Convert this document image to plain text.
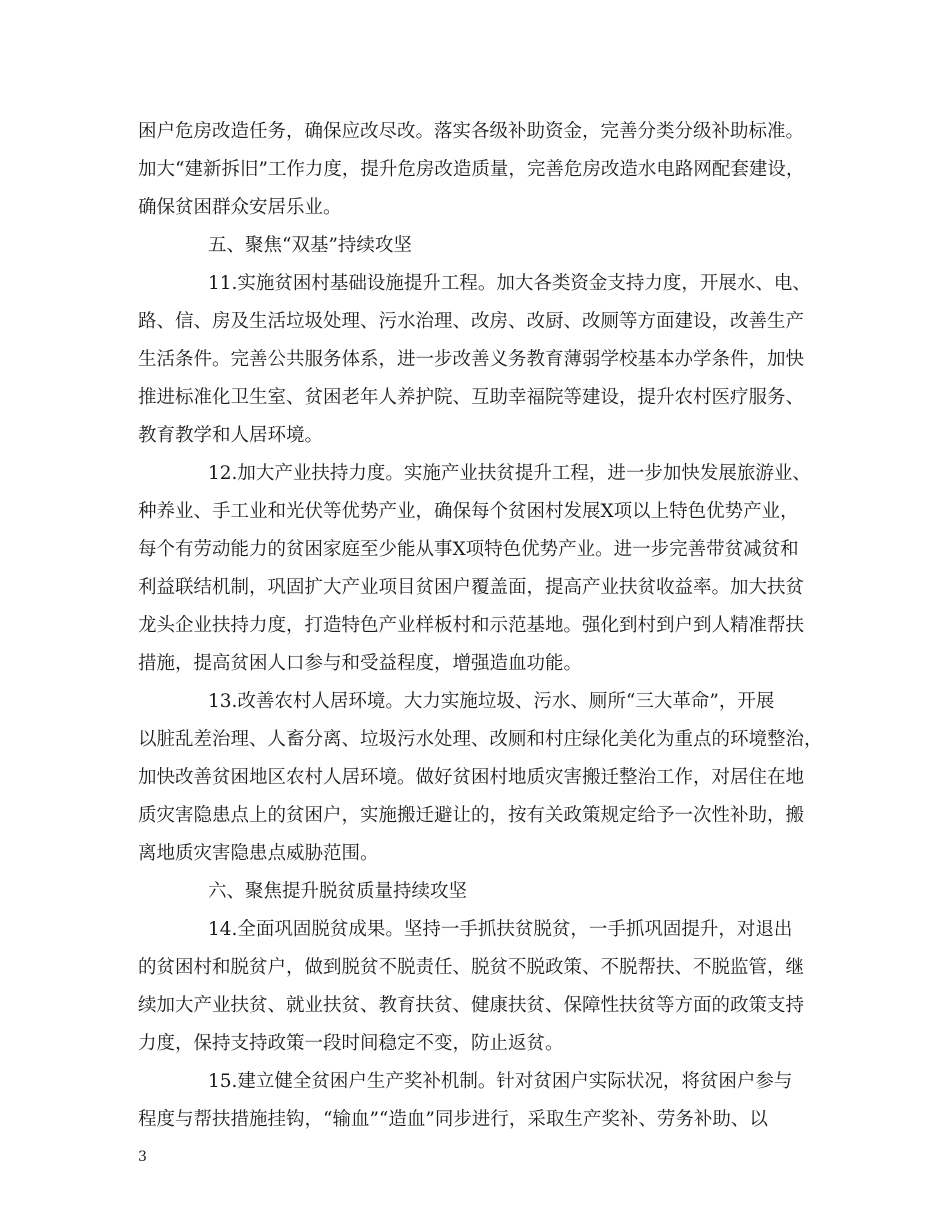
困户危房改造任务，确保应改尽改。落实各级补助资金，完善分类分级补助标准。
加大“建新拆旧”工作力度，提升危房改造质量，完善危房改造水电路网配套建设，
确保贫困群众安居乐业。
五、聚焦“双基”持续攻坚
11.实施贫困村基础设施提升工程。加大各类资金支持力度，开展水、电、
路、信、房及生活垃圾处理、污水治理、改房、改厨、改厕等方面建设，改善生产
生活条件。完善公共服务体系，进一步改善义务教育薄弱学校基本办学条件，加快
推进标准化卫生室、贫困老年人养护院、互助幸福院等建设，提升农村医疗服务、
教育教学和人居环境。
12.加大产业扶持力度。实施产业扶贫提升工程，进一步加快发展旅游业、
种养业、手工业和光伏等优势产业，确保每个贫困村发展X项以上特色优势产业，
每个有劳动能力的贫困家庭至少能从事X项特色优势产业。进一步完善带贫减贫和
利益联结机制，巩固扩大产业项目贫困户覆盖面，提高产业扶贫收益率。加大扶贫
龙头企业扶持力度，打造特色产业样板村和示范基地。强化到村到户到人精准帮扶
措施，提高贫困人口参与和受益程度，增强造血功能。
13.改善农村人居环境。大力实施垃圾、污水、厕所“三大革命”，开展
以脏乱差治理、人畜分离、垃圾污水处理、改厕和村庄绿化美化为重点的环境整治，
加快改善贫困地区农村人居环境。做好贫困村地质灾害搬迁整治工作，对居住在地
质灾害隐患点上的贫困户，实施搬迁避让的，按有关政策规定给予一次性补助，搬
离地质灾害隐患点威胁范围。
六、聚焦提升脱贫质量持续攻坚
14.全面巩固脱贫成果。坚持一手抓扶贫脱贫，一手抓巩固提升，对退出
的贫困村和脱贫户，做到脱贫不脱责任、脱贫不脱政策、不脱帮扶、不脱监管，继
续加大产业扶贫、就业扶贫、教育扶贫、健康扶贫、保障性扶贫等方面的政策支持
力度，保持支持政策一段时间稳定不变，防止返贫。
15.建立健全贫困户生产奖补机制。针对贫困户实际状况，将贫困户参与
程度与帮扶措施挂钩，“输血”“造血”同步进行，采取生产奖补、劳务补助、以
3
